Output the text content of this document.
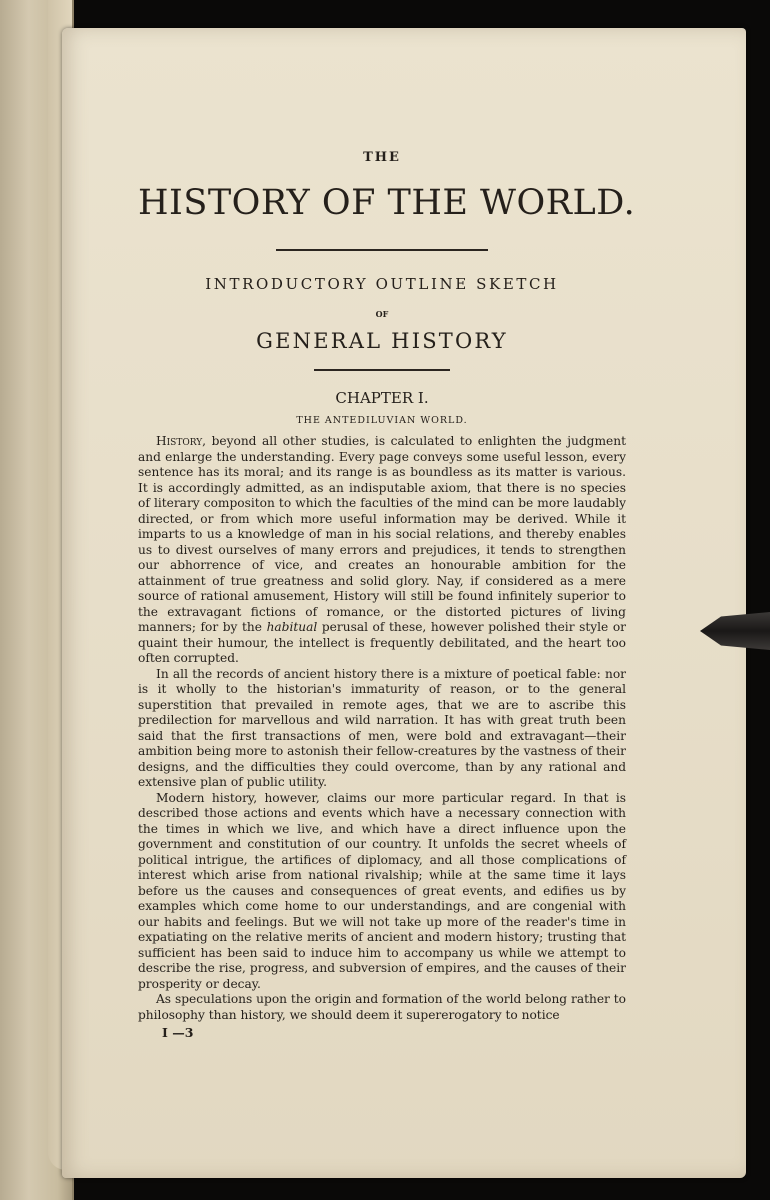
THE

HISTORY OF THE WORLD.

INTRODUCTORY OUTLINE SKETCH

OF

GENERAL HISTORY

CHAPTER I.

THE ANTEDILUVIAN WORLD.

History, beyond all other studies, is calculated to enlighten the judgment and enlarge the understanding. Every page conveys some useful lesson, every sentence has its moral; and its range is as boundless as its matter is various. It is accordingly admitted, as an indisputable axiom, that there is no species of literary compositon to which the faculties of the mind can be more laudably directed, or from which more useful information may be derived. While it imparts to us a knowledge of man in his social relations, and thereby enables us to divest ourselves of many errors and prejudices, it tends to strengthen our abhorrence of vice, and creates an honourable ambition for the attainment of true greatness and solid glory. Nay, if considered as a mere source of rational amusement, History will still be found infinitely superior to the extravagant fictions of romance, or the distorted pictures of living manners; for by the habitual perusal of these, however polished their style or quaint their humour, the intellect is frequently debilitated, and the heart too often corrupted.

In all the records of ancient history there is a mixture of poetical fable: nor is it wholly to the historian's immaturity of reason, or to the general superstition that prevailed in remote ages, that we are to ascribe this predilection for marvellous and wild narration. It has with great truth been said that the first transactions of men, were bold and extravagant—their ambition being more to astonish their fellow-creatures by the vastness of their designs, and the difficulties they could overcome, than by any rational and extensive plan of public utility.

Modern history, however, claims our more particular regard. In that is described those actions and events which have a necessary connection with the times in which we live, and which have a direct influence upon the government and constitution of our country. It unfolds the secret wheels of political intrigue, the artifices of diplomacy, and all those complications of interest which arise from national rivalship; while at the same time it lays before us the causes and consequences of great events, and edifies us by examples which come home to our understandings, and are congenial with our habits and feelings. But we will not take up more of the reader's time in expatiating on the relative merits of ancient and modern history; trusting that sufficient has been said to induce him to accompany us while we attempt to describe the rise, progress, and subversion of empires, and the causes of their prosperity or decay.

As speculations upon the origin and formation of the world belong rather to philosophy than history, we should deem it supererogatory to notice

I —3
